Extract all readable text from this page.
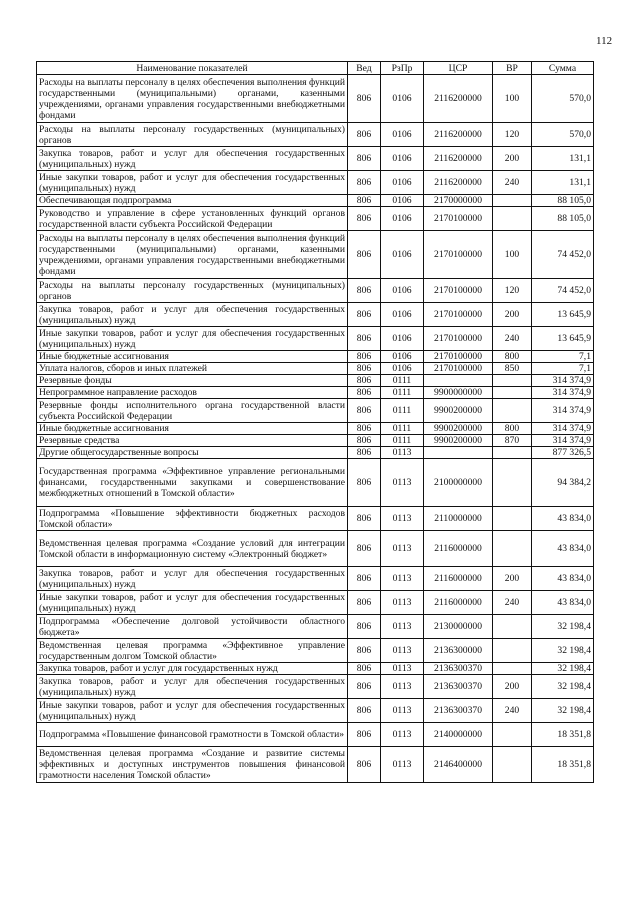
112
Наименование показателей	Вед	РзПр	ЦСР	ВР	Сумма
Расходы на выплаты персоналу в целях обеспечения выполнения функций государственными (муниципальными) органами, казенными учреждениями, органами управления государственными внебюджетными фондами	806	0106	2116200000	100	570,0
Расходы на выплаты персоналу государственных (муниципальных) органов	806	0106	2116200000	120	570,0
Закупка товаров, работ и услуг для обеспечения государственных (муниципальных) нужд	806	0106	2116200000	200	131,1
Иные закупки товаров, работ и услуг для обеспечения государственных (муниципальных) нужд	806	0106	2116200000	240	131,1
Обеспечивающая подпрограмма	806	0106	2170000000		88 105,0
Руководство и управление в сфере установленных функций органов государственной власти субъекта Российской Федерации	806	0106	2170100000		88 105,0
Расходы на выплаты персоналу в целях обеспечения выполнения функций государственными (муниципальными) органами, казенными учреждениями, органами управления государственными внебюджетными фондами	806	0106	2170100000	100	74 452,0
Расходы на выплаты персоналу государственных (муниципальных) органов	806	0106	2170100000	120	74 452,0
Закупка товаров, работ и услуг для обеспечения государственных (муниципальных) нужд	806	0106	2170100000	200	13 645,9
Иные закупки товаров, работ и услуг для обеспечения государственных (муниципальных) нужд	806	0106	2170100000	240	13 645,9
Иные бюджетные ассигнования	806	0106	2170100000	800	7,1
Уплата налогов, сборов и иных платежей	806	0106	2170100000	850	7,1
Резервные фонды	806	0111			314 374,9
Непрограммное направление расходов	806	0111	9900000000		314 374,9
Резервные фонды исполнительного органа государственной власти субъекта Российской Федерации	806	0111	9900200000		314 374,9
Иные бюджетные ассигнования	806	0111	9900200000	800	314 374,9
Резервные средства	806	0111	9900200000	870	314 374,9
Другие общегосударственные вопросы	806	0113			877 326,5
Государственная программа «Эффективное управление региональными финансами, государственными закупками и совершенствование межбюджетных отношений в Томской области»	806	0113	2100000000		94 384,2
Подпрограмма «Повышение эффективности бюджетных расходов Томской области»	806	0113	2110000000		43 834,0
Ведомственная целевая программа «Создание условий для интеграции Томской области в информационную систему «Электронный бюджет»	806	0113	2116000000		43 834,0
Закупка товаров, работ и услуг для обеспечения государственных (муниципальных) нужд	806	0113	2116000000	200	43 834,0
Иные закупки товаров, работ и услуг для обеспечения государственных (муниципальных) нужд	806	0113	2116000000	240	43 834,0
Подпрограмма «Обеспечение долговой устойчивости областного бюджета»	806	0113	2130000000		32 198,4
Ведомственная целевая программа «Эффективное управление государственным долгом Томской области»	806	0113	2136300000		32 198,4
Закупка товаров, работ и услуг для государственных нужд	806	0113	2136300370		32 198,4
Закупка товаров, работ и услуг для обеспечения государственных (муниципальных) нужд	806	0113	2136300370	200	32 198,4
Иные закупки товаров, работ и услуг для обеспечения государственных (муниципальных) нужд	806	0113	2136300370	240	32 198,4
Подпрограмма «Повышение финансовой грамотности в Томской области»	806	0113	2140000000		18 351,8
Ведомственная целевая программа «Создание и развитие системы эффективных и доступных инструментов повышения финансовой грамотности населения Томской области»	806	0113	2146400000		18 351,8
